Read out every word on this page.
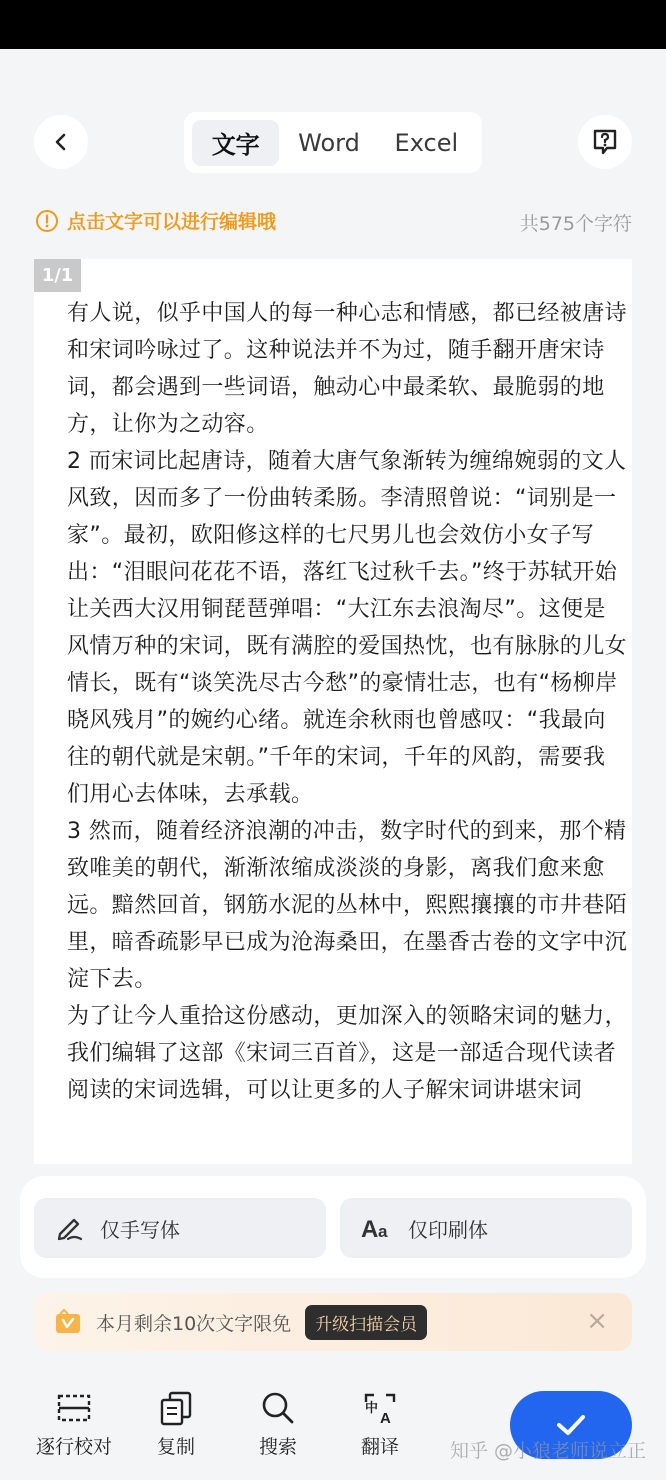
文字	Word	Excel
点击文字可以进行编辑哦	共575个字符
1/1

有人说，似乎中国人的每一种心志和情感，都已经被唐诗和宋词吟咏过了。这种说法并不为过，随手翻开唐宋诗词，都会遇到一些词语，触动心中最柔软、最脆弱的地方，让你为之动容。

2 而宋词比起唐诗，随着大唐气象渐转为缠绵婉弱的文人风致，因而多了一份曲转柔肠。李清照曾说：“词别是一家”。最初，欧阳修这样的七尺男儿也会效仿小女子写出：“泪眼问花花不语，落红飞过秋千去。”终于苏轼开始让关西大汉用铜琵琶弹唱：“大江东去浪淘尽”。这便是风情万种的宋词，既有满腔的爱国热忱，也有脉脉的儿女情长，既有“谈笑洗尽古今愁”的豪情壮志，也有“杨柳岸晓风残月”的婉约心绪。就连余秋雨也曾感叹：“我最向往的朝代就是宋朝。”千年的宋词，千年的风韵，需要我们用心去体味，去承载。

3 然而，随着经济浪潮的冲击，数字时代的到来，那个精致唯美的朝代，渐渐浓缩成淡淡的身影，离我们愈来愈远。黯然回首，钢筋水泥的丛林中，熙熙攘攘的市井巷陌里，暗香疏影早已成为沧海桑田，在墨香古卷的文字中沉淀下去。

为了让今人重拾这份感动，更加深入的领略宋词的魅力，我们编辑了这部《宋词三百首》，这是一部适合现代读者阅读的宋词选辑，可以让更多的人子解宋词讲堪宋词

仅手写体	A a 仅印刷体
本月剩余10次文字限免	升级扫描会员	×
逐行校对 复制	搜索
中
A
翻译	知乎 @小狼老师说立正
